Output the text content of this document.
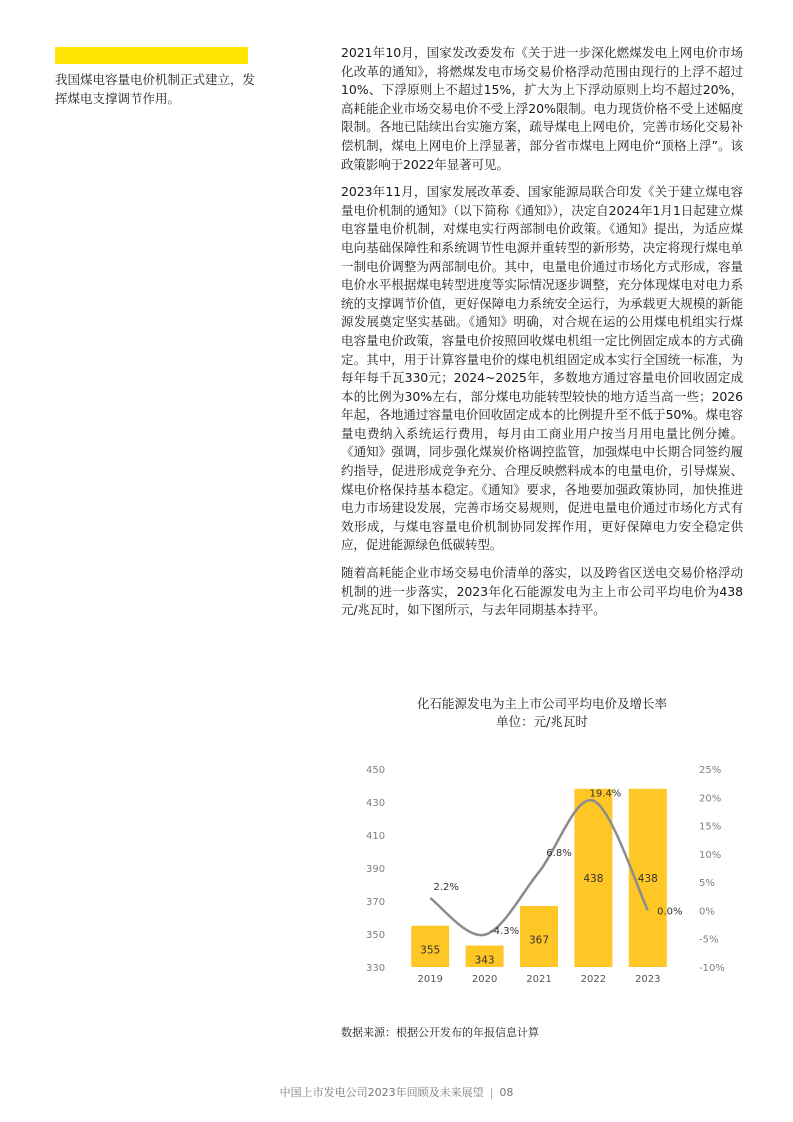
我国煤电容量电价机制正式建立，发挥煤电支撑调节作用。

2021年10月，国家发改委发布《关于进一步深化燃煤发电上网电价市场化改革的通知》，将燃煤发电市场交易价格浮动范围由现行的上浮不超过10%、下浮原则上不超过15%，扩大为上下浮动原则上均不超过20%，高耗能企业市场交易电价不受上浮20%限制。电力现货价格不受上述幅度限制。各地已陆续出台实施方案，疏导煤电上网电价，完善市场化交易补偿机制，煤电上网电价上浮显著，部分省市煤电上网电价“顶格上浮”。该政策影响于2022年显著可见。

2023年11月，国家发展改革委、国家能源局联合印发《关于建立煤电容量电价机制的通知》（以下简称《通知》），决定自2024年1月1日起建立煤电容量电价机制，对煤电实行两部制电价政策。《通知》提出，为适应煤电向基础保障性和系统调节性电源并重转型的新形势，决定将现行煤电单一制电价调整为两部制电价。其中，电量电价通过市场化方式形成，容量电价水平根据煤电转型进度等实际情况逐步调整，充分体现煤电对电力系统的支撑调节价值，更好保障电力系统安全运行，为承载更大规模的新能源发展奠定坚实基础。《通知》明确，对合规在运的公用煤电机组实行煤电容量电价政策，容量电价按照回收煤电机组一定比例固定成本的方式确定。其中，用于计算容量电价的煤电机组固定成本实行全国统一标准，为每年每千瓦330元；2024~2025年，多数地方通过容量电价回收固定成本的比例为30%左右，部分煤电功能转型较快的地方适当高一些；2026年起，各地通过容量电价回收固定成本的比例提升至不低于50%。煤电容量电费纳入系统运行费用，每月由工商业用户按当月用电量比例分摊。《通知》强调，同步强化煤炭价格调控监管，加强煤电中长期合同签约履约指导，促进形成竞争充分、合理反映燃料成本的电量电价，引导煤炭、煤电价格保持基本稳定。《通知》要求，各地要加强政策协同，加快推进电力市场建设发展，完善市场交易规则，促进电量电价通过市场化方式有效形成，与煤电容量电价机制协同发挥作用，更好保障电力安全稳定供应，促进能源绿色低碳转型。

随着高耗能企业市场交易电价清单的落实，以及跨省区送电交易价格浮动机制的进一步落实，2023年化石能源发电为主上市公司平均电价为438元/兆瓦时，如下图所示，与去年同期基本持平。

化石能源发电为主上市公司平均电价及增长率
单位：元/兆瓦时
330
350
370
390
410
430
450
-10%
-5%
0%
5%
10%
15%
20%
25%
355
343
367
438	438
2019	2020	2021	2022	2023
2.2%
-4.3%
6.8%
19.4%
0.0%
数据来源：根据公开发布的年报信息计算
中国上市发电公司2023年回顾及未来展望 | 08
